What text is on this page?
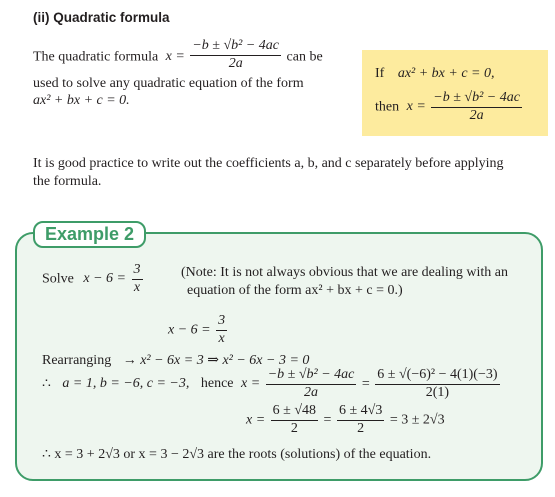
(ii) Quadratic formula
The quadratic formula $x = \frac{\text{−b ± √b² − 4ac}}{2a}$ can be
used to solve any quadratic equation of the form
ax² + bx + c = 0.
If ax² + bx + c = 0,
then $x = \frac{\text{−b ± √b² − 4ac}}{2a}$
It is good practice to write out the coefficients a, b, and c separately before applying
the formula.
Example 2
Solve $x - 6 = \frac{3}{x}$	(Note: It is not always obvious that we are dealing with an
equation of the form ax² + bx + c = 0.)
$x - 6 = \frac{3}{x}$
Rearranging → x² − 6x = 3 ⇒ x² − 6x − 3 = 0
∴ a = 1, b = −6, c = −3, hence $x = \frac{\text{−b ± √b² − 4ac}}{2a} = \frac{\text{6 ± √(−6)² − 4(1)(−3)}}{2(1)}$
$x = \frac{6 \pm √48}{2} = \frac{6 \pm 4√3}{2} = 3 \pm 2√3$
∴ x = 3 + 2√3 or x = 3 − 2√3 are the roots (solutions) of the equation.
